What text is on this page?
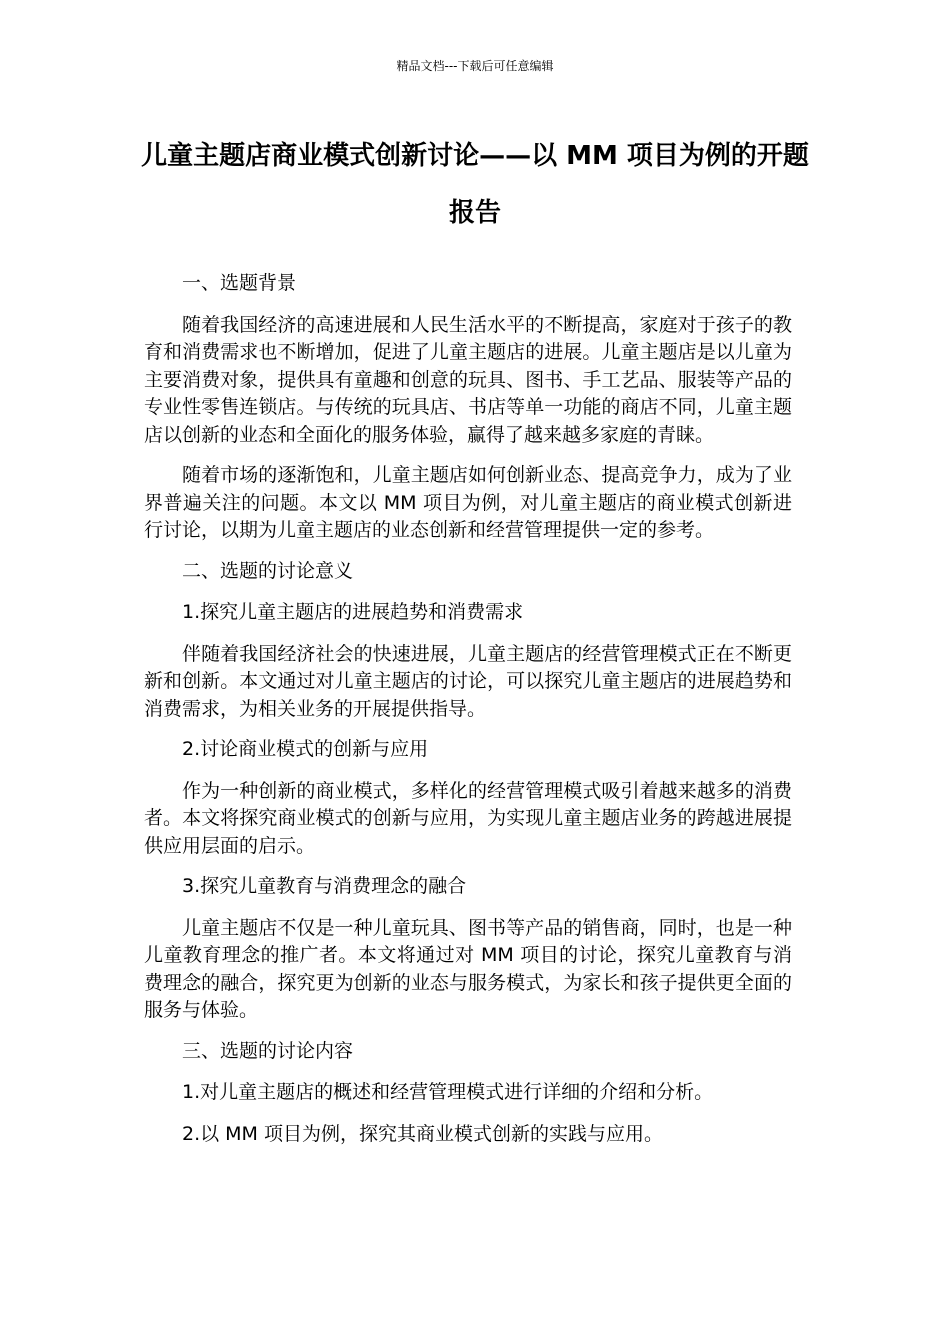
精品文档---下载后可任意编辑
儿童主题店商业模式创新讨论——以 MM 项目为例的开题报告

一、选题背景

随着我国经济的高速进展和人民生活水平的不断提高，家庭对于孩子的教育和消费需求也不断增加，促进了儿童主题店的进展。儿童主题店是以儿童为主要消费对象，提供具有童趣和创意的玩具、图书、手工艺品、服装等产品的专业性零售连锁店。与传统的玩具店、书店等单一功能的商店不同，儿童主题店以创新的业态和全面化的服务体验，赢得了越来越多家庭的青睐。

随着市场的逐渐饱和，儿童主题店如何创新业态、提高竞争力，成为了业界普遍关注的问题。本文以 MM 项目为例，对儿童主题店的商业模式创新进行讨论，以期为儿童主题店的业态创新和经营管理提供一定的参考。

二、选题的讨论意义

1.探究儿童主题店的进展趋势和消费需求

伴随着我国经济社会的快速进展，儿童主题店的经营管理模式正在不断更新和创新。本文通过对儿童主题店的讨论，可以探究儿童主题店的进展趋势和消费需求，为相关业务的开展提供指导。

2.讨论商业模式的创新与应用

作为一种创新的商业模式，多样化的经营管理模式吸引着越来越多的消费者。本文将探究商业模式的创新与应用，为实现儿童主题店业务的跨越进展提供应用层面的启示。

3.探究儿童教育与消费理念的融合

儿童主题店不仅是一种儿童玩具、图书等产品的销售商，同时，也是一种儿童教育理念的推广者。本文将通过对 MM 项目的讨论，探究儿童教育与消费理念的融合，探究更为创新的业态与服务模式，为家长和孩子提供更全面的服务与体验。

三、选题的讨论内容

1.对儿童主题店的概述和经营管理模式进行详细的介绍和分析。

2.以 MM 项目为例，探究其商业模式创新的实践与应用。
